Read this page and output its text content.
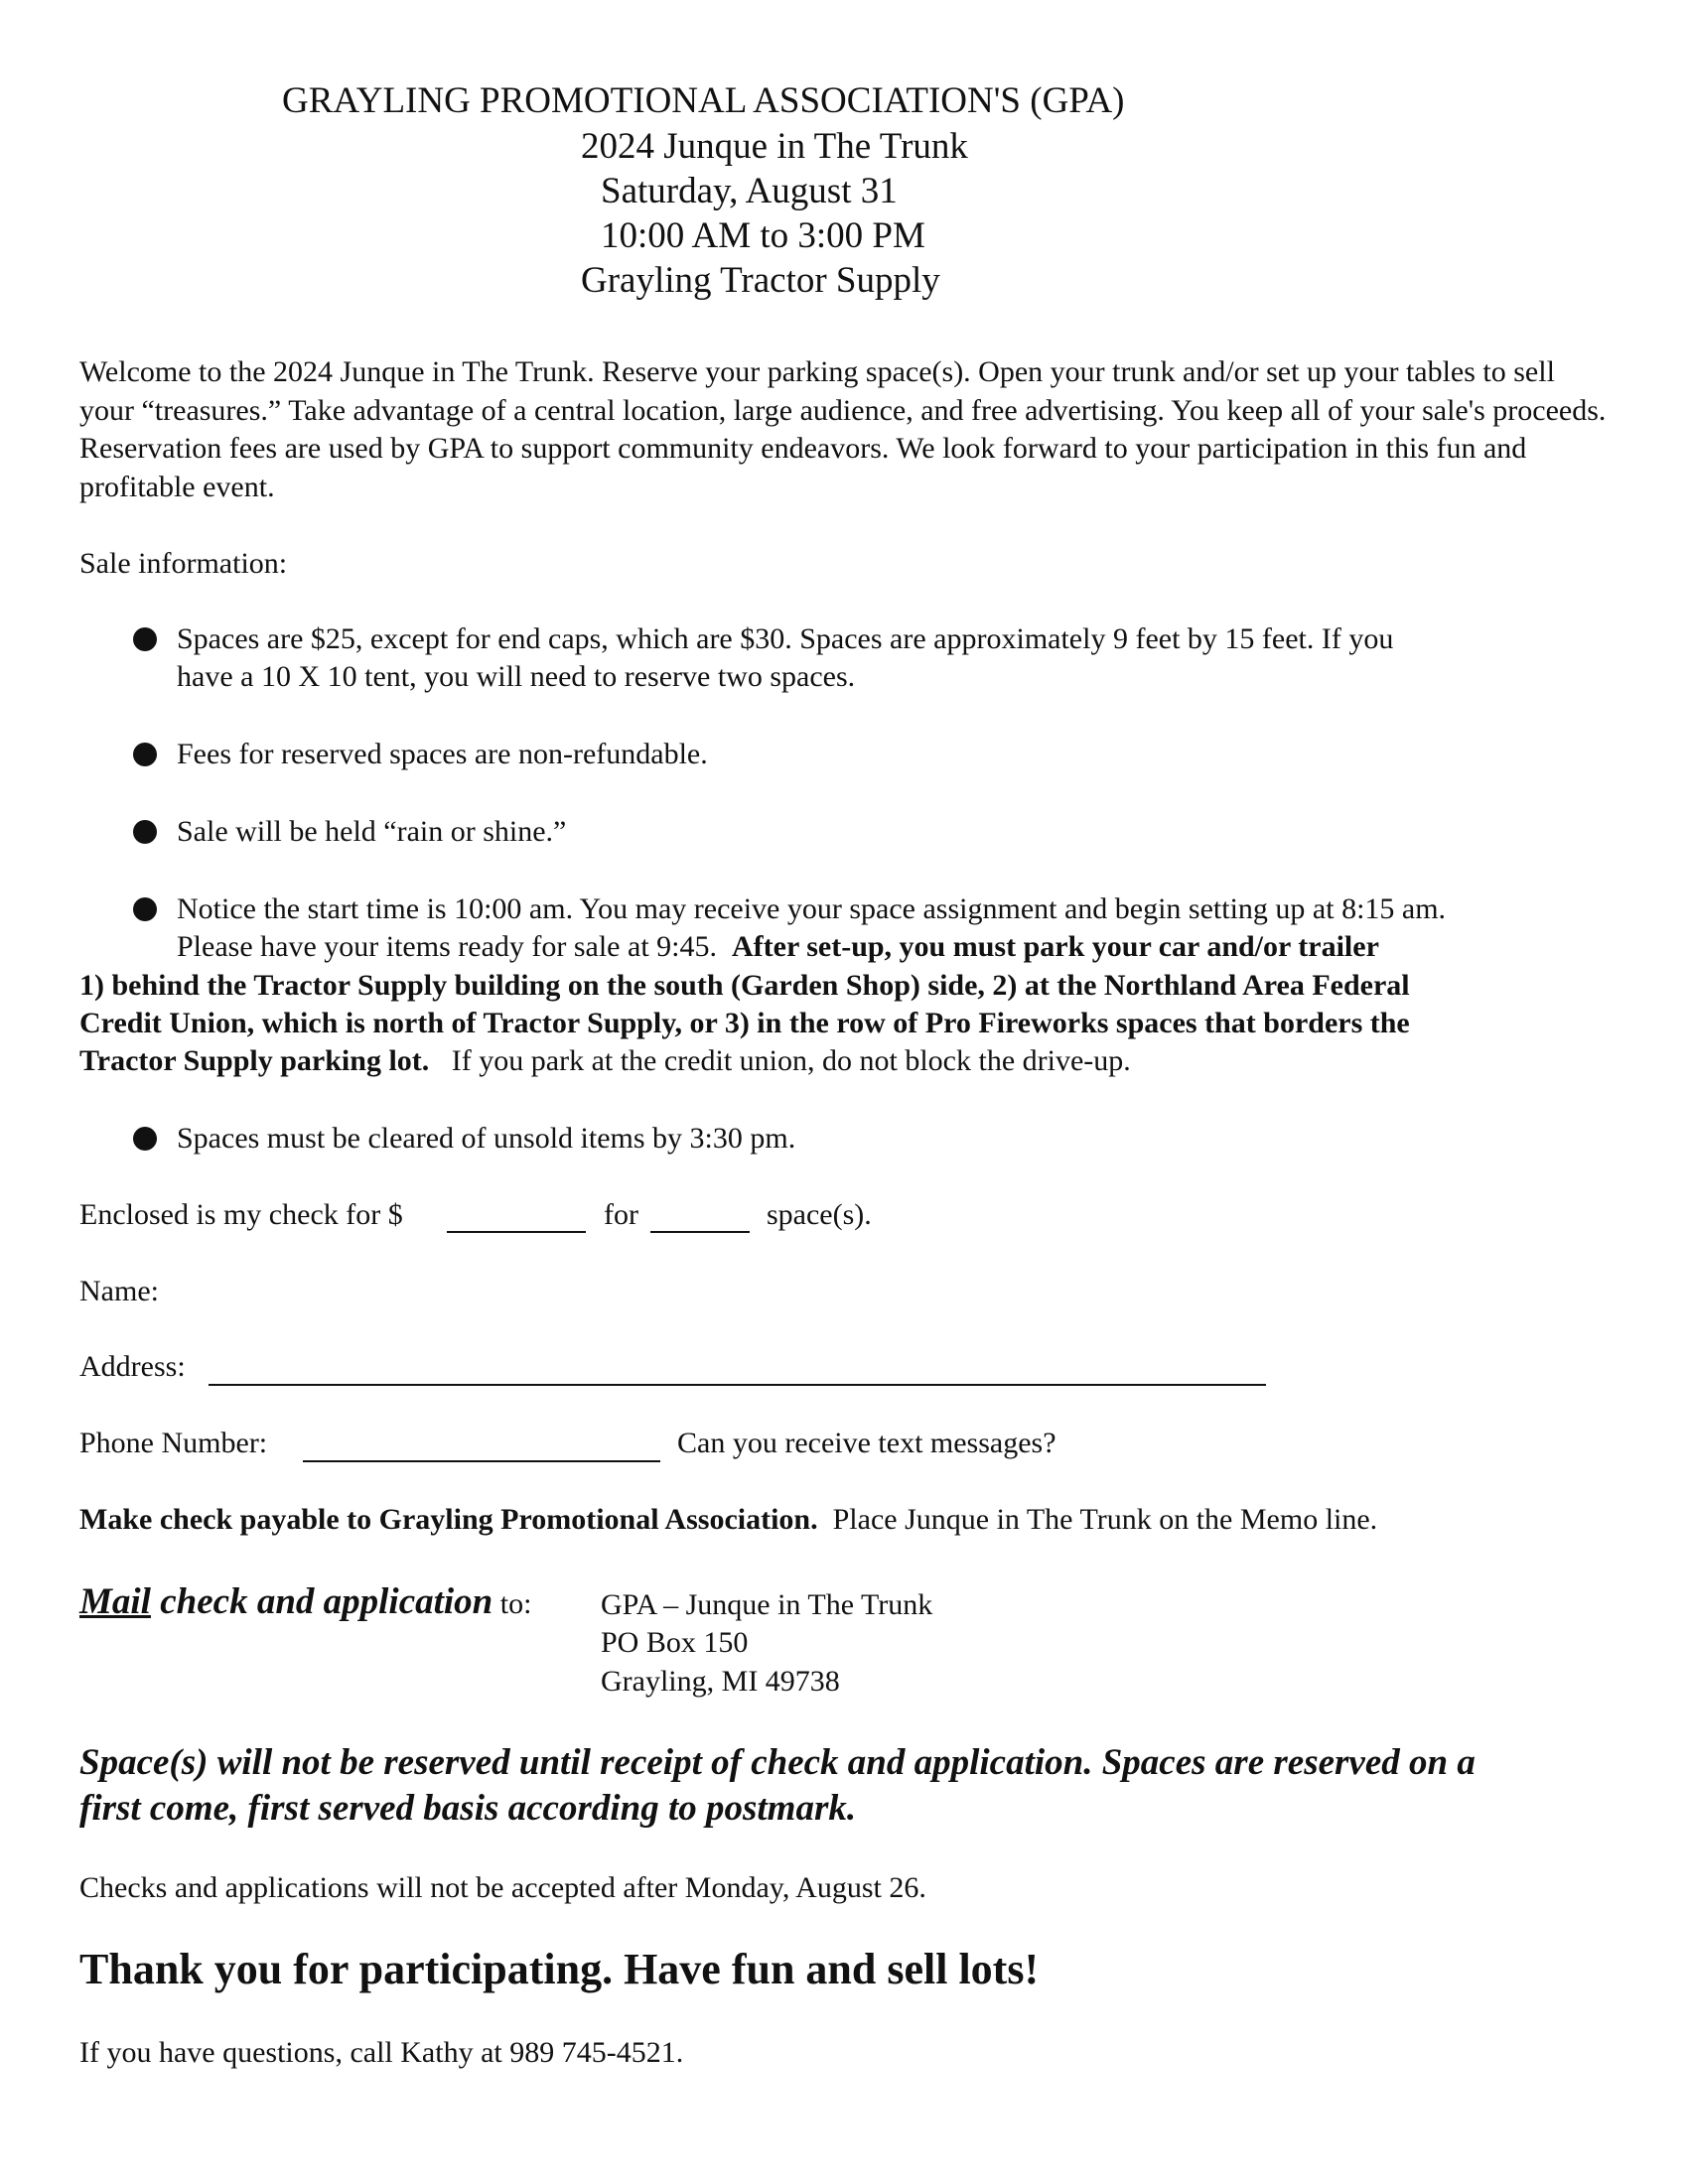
GRAYLING PROMOTIONAL ASSOCIATION'S (GPA)
2024 Junque in The Trunk
Saturday, August 31
10:00 AM to 3:00 PM
Grayling Tractor Supply
Welcome to the 2024 Junque in The Trunk. Reserve your parking space(s). Open your trunk and/or set up your tables to sell your “treasures.” Take advantage of a central location, large audience, and free advertising. You keep all of your sale's proceeds. Reservation fees are used by GPA to support community endeavors. We look forward to your participation in this fun and profitable event.
Sale information:
Spaces are $25, except for end caps, which are $30. Spaces are approximately 9 feet by 15 feet. If you
have a 10 X 10 tent, you will need to reserve two spaces.
Fees for reserved spaces are non-refundable.
Sale will be held “rain or shine.”
Notice the start time is 10:00 am. You may receive your space assignment and begin setting up at 8:15 am.
Please have your items ready for sale at 9:45.  After set-up, you must park your car and/or trailer
1) behind the Tractor Supply building on the south (Garden Shop) side, 2) at the Northland Area Federal
Credit Union, which is north of Tractor Supply, or 3) in the row of Pro Fireworks spaces that borders the
Tractor Supply parking lot.   If you park at the credit union, do not block the drive-up.
Spaces must be cleared of unsold items by 3:30 pm.
Enclosed is my check for $	for	space(s).
Name:
Address:
Phone Number:	Can you receive text messages?
Make check payable to Grayling Promotional Association.  Place Junque in The Trunk on the Memo line.
Mail check and application to: GPA – Junque in The Trunk
PO Box 150
Grayling, MI 49738
Space(s) will not be reserved until receipt of check and application. Spaces are reserved on a
first come, first served basis according to postmark.
Checks and applications will not be accepted after Monday, August 26.
Thank you for participating. Have fun and sell lots!
If you have questions, call Kathy at 989 745-4521.
